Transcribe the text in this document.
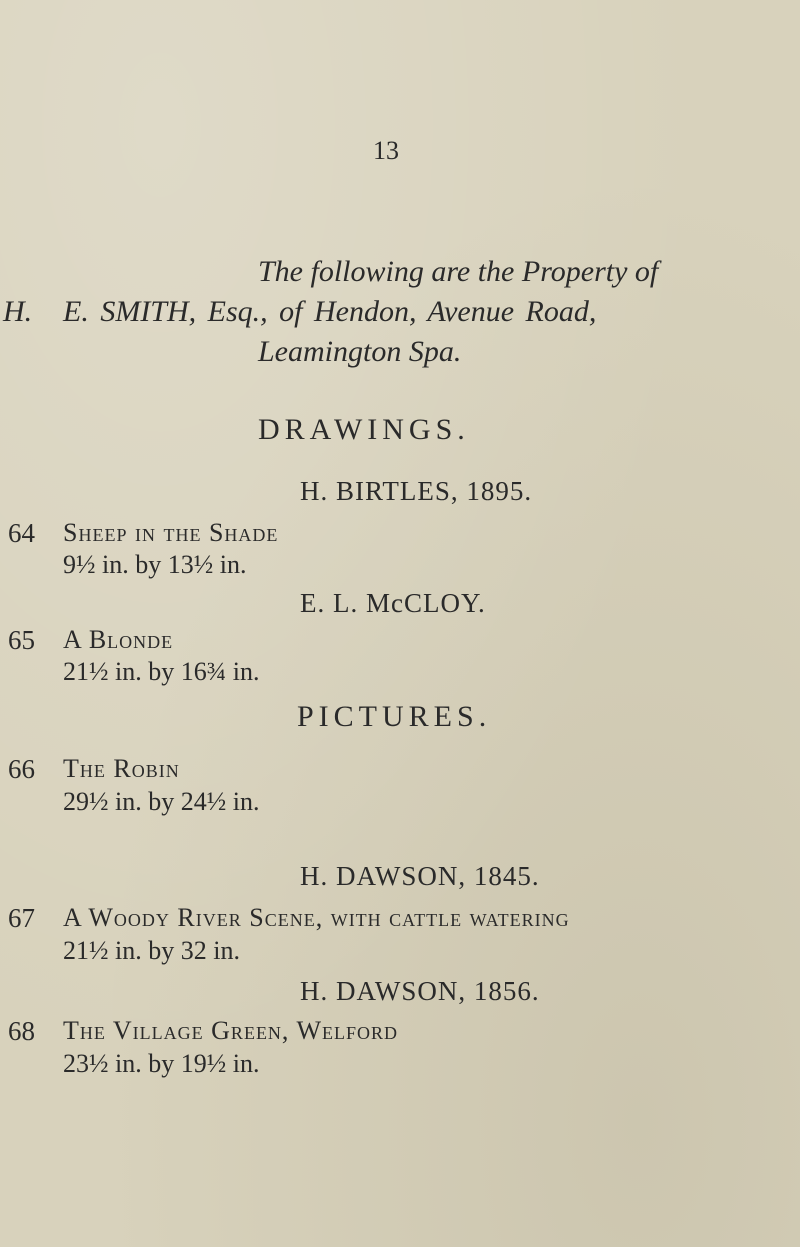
13
The following are the Property of
H. E. SMITH, Esq., of Hendon, Avenue Road,
Leamington Spa.
DRAWINGS.
H. BIRTLES, 1895.
64 Sheep in the Shade
9½ in. by 13½ in.
E. L. McCLOY.
65 A Blonde
21½ in. by 16¾ in.
PICTURES.
66 The Robin
29½ in. by 24½ in.
H. DAWSON, 1845.
67 A Woody River Scene, with cattle watering
21½ in. by 32 in.
H. DAWSON, 1856.
68 The Village Green, Welford
23½ in. by 19½ in.
